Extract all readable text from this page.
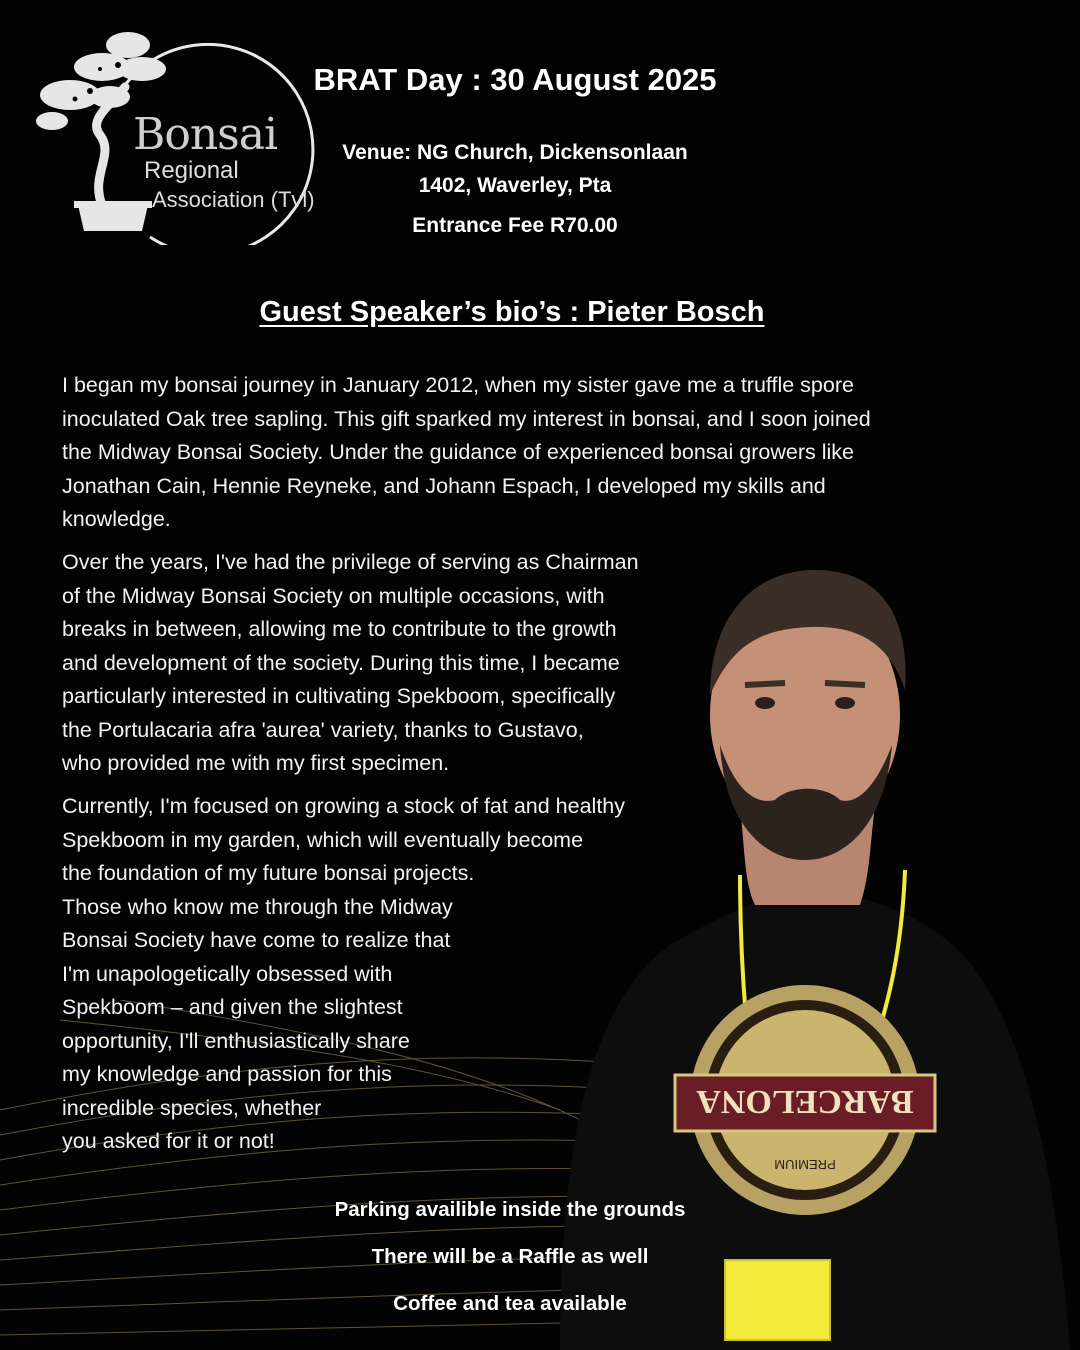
Bonsai
Regional
Association (Tvl)
BRAT Day : 30 August 2025
Venue: NG Church, Dickensonlaan
1402, Waverley, Pta
Entrance Fee R70.00
Guest Speaker’s bio’s : Pieter Bosch
BARCELONA
PREMIUM
I began my bonsai journey in January 2012, when my sister gave me a truffle spore
inoculated Oak tree sapling. This gift sparked my interest in bonsai, and I soon joined
the Midway Bonsai Society. Under the guidance of experienced bonsai growers like
Jonathan Cain, Hennie Reyneke, and Johann Espach, I developed my skills and
knowledge.
Over the years, I've had the privilege of serving as Chairman
of the Midway Bonsai Society on multiple occasions, with
breaks in between, allowing me to contribute to the growth
and development of the society. During this time, I became
particularly interested in cultivating Spekboom, specifically
the Portulacaria afra 'aurea' variety, thanks to Gustavo,
who provided me with my first specimen.
Currently, I'm focused on growing a stock of fat and healthy
Spekboom in my garden, which will eventually become
the foundation of my future bonsai projects.
Those who know me through the Midway
Bonsai Society have come to realize that
I'm unapologetically obsessed with
Spekboom – and given the slightest
opportunity, I'll enthusiastically share
my knowledge and passion for this
incredible species, whether
you asked for it or not!
Parking availible inside the grounds
There will be a Raffle as well
Coffee and tea available
